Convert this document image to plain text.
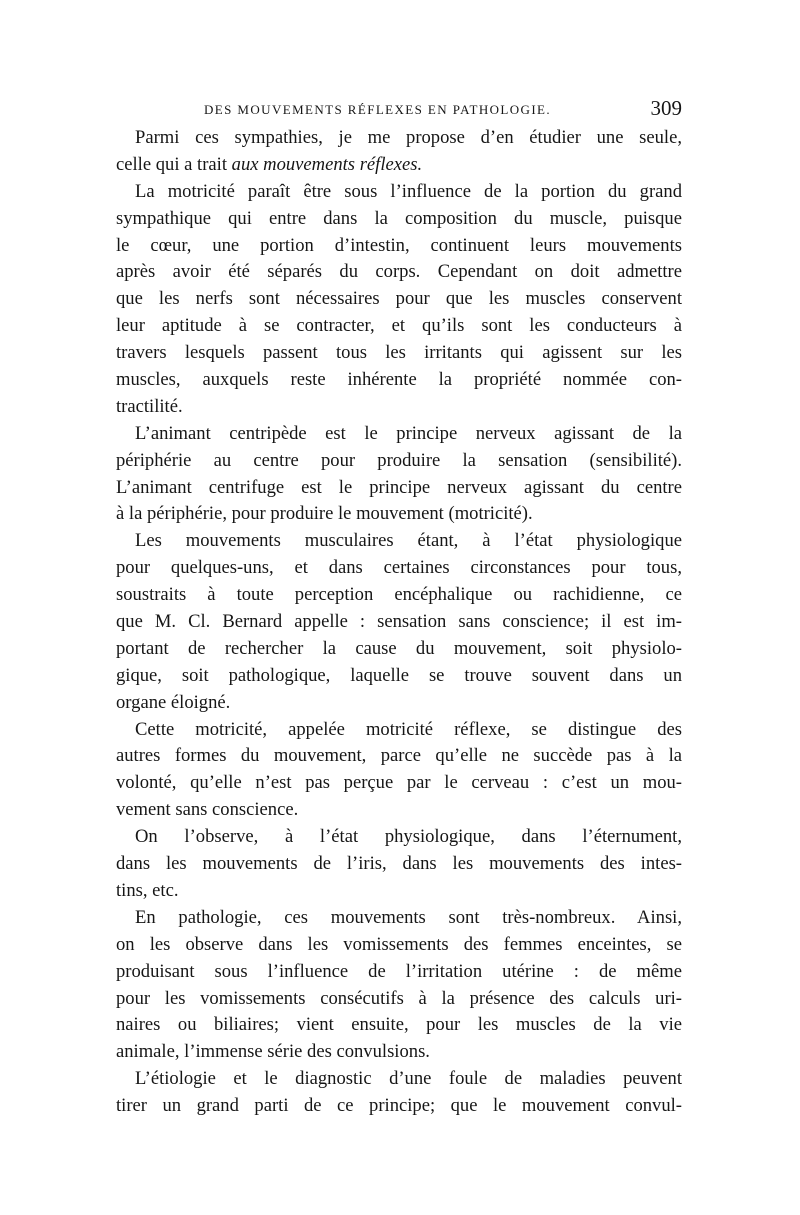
DES MOUVEMENTS RÉFLEXES EN PATHOLOGIE.	309
Parmi ces sympathies, je me propose d’en étudier une seule,
celle qui a trait aux mouvements réflexes.
La motricité paraît être sous l’influence de la portion du grand
sympathique qui entre dans la composition du muscle, puisque
le cœur, une portion d’intestin, continuent leurs mouvements
après avoir été séparés du corps. Cependant on doit admettre
que les nerfs sont nécessaires pour que les muscles conservent
leur aptitude à se contracter, et qu’ils sont les conducteurs à
travers lesquels passent tous les irritants qui agissent sur les
muscles, auxquels reste inhérente la propriété nommée con-
tractilité.
L’animant centripède est le principe nerveux agissant de la
périphérie au centre pour produire la sensation (sensibilité).
L’animant centrifuge est le principe nerveux agissant du centre
à la périphérie, pour produire le mouvement (motricité).
Les mouvements musculaires étant, à l’état physiologique
pour quelques-uns, et dans certaines circonstances pour tous,
soustraits à toute perception encéphalique ou rachidienne, ce
que M. Cl. Bernard appelle : sensation sans conscience; il est im-
portant de rechercher la cause du mouvement, soit physiolo-
gique, soit pathologique, laquelle se trouve souvent dans un
organe éloigné.
Cette motricité, appelée motricité réflexe, se distingue des
autres formes du mouvement, parce qu’elle ne succède pas à la
volonté, qu’elle n’est pas perçue par le cerveau : c’est un mou-
vement sans conscience.
On l’observe, à l’état physiologique, dans l’éternument,
dans les mouvements de l’iris, dans les mouvements des intes-
tins, etc.
En pathologie, ces mouvements sont très-nombreux. Ainsi,
on les observe dans les vomissements des femmes enceintes, se
produisant sous l’influence de l’irritation utérine : de même
pour les vomissements consécutifs à la présence des calculs uri-
naires ou biliaires; vient ensuite, pour les muscles de la vie
animale, l’immense série des convulsions.
L’étiologie et le diagnostic d’une foule de maladies peuvent
tirer un grand parti de ce principe; que le mouvement convul-
